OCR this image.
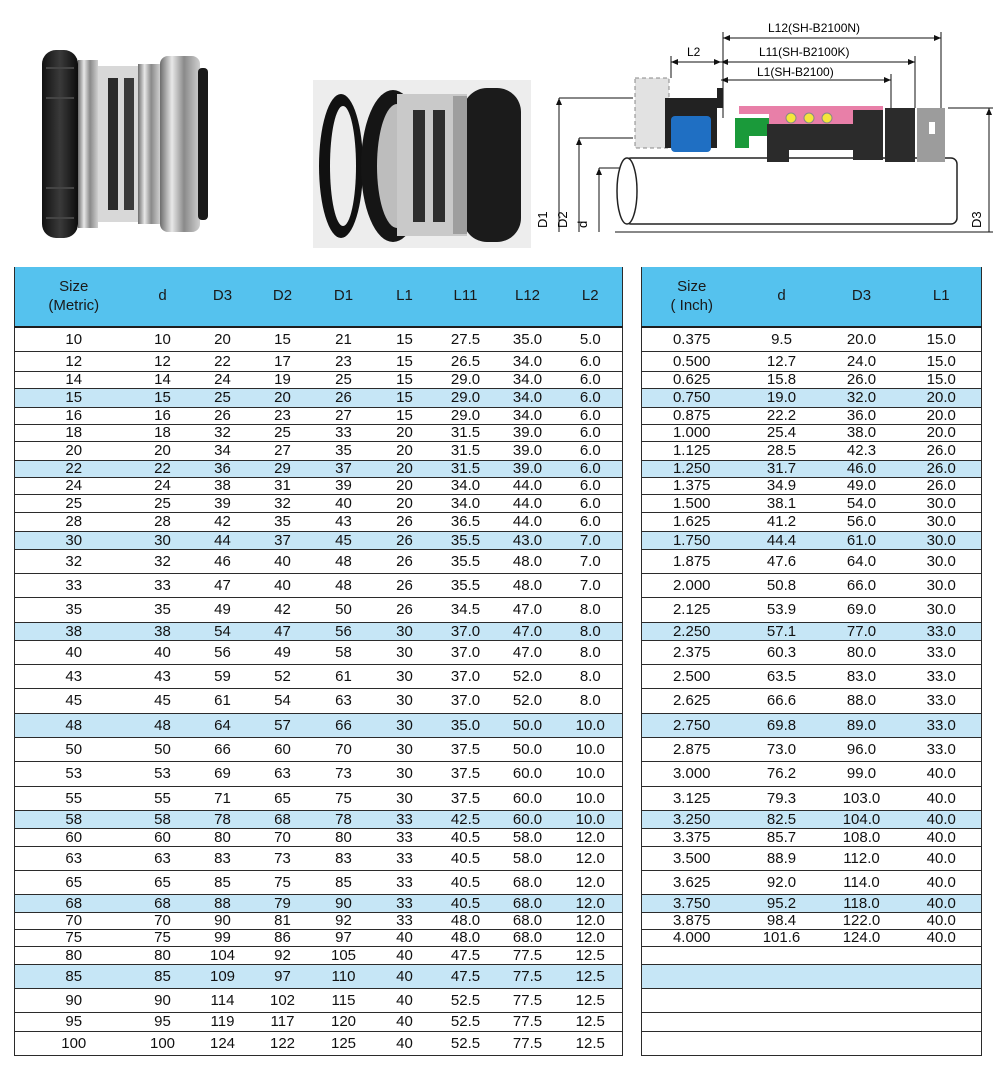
L12(SH-B2100N)
L2	L11(SH-B2100K)
L1(SH-B2100)
D1 D2 d	D3
Size
(Metric)	d	D3	D2	D1	L1	L11	L12	L2
10	10	20	15	21	15	27.5	35.0	5.0
12	12	22	17	23	15	26.5	34.0	6.0
14	14	24	19	25	15	29.0	34.0	6.0
15	15	25	20	26	15	29.0	34.0	6.0
16	16	26	23	27	15	29.0	34.0	6.0
18	18	32	25	33	20	31.5	39.0	6.0
20	20	34	27	35	20	31.5	39.0	6.0
22	22	36	29	37	20	31.5	39.0	6.0
24	24	38	31	39	20	34.0	44.0	6.0
25	25	39	32	40	20	34.0	44.0	6.0
28	28	42	35	43	26	36.5	44.0	6.0
30	30	44	37	45	26	35.5	43.0	7.0
32	32	46	40	48	26	35.5	48.0	7.0
33	33	47	40	48	26	35.5	48.0	7.0
35	35	49	42	50	26	34.5	47.0	8.0
38	38	54	47	56	30	37.0	47.0	8.0
40	40	56	49	58	30	37.0	47.0	8.0
43	43	59	52	61	30	37.0	52.0	8.0
45	45	61	54	63	30	37.0	52.0	8.0
48	48	64	57	66	30	35.0	50.0	10.0
50	50	66	60	70	30	37.5	50.0	10.0
53	53	69	63	73	30	37.5	60.0	10.0
55	55	71	65	75	30	37.5	60.0	10.0
58	58	78	68	78	33	42.5	60.0	10.0
60	60	80	70	80	33	40.5	58.0	12.0
63	63	83	73	83	33	40.5	58.0	12.0
65	65	85	75	85	33	40.5	68.0	12.0
68	68	88	79	90	33	40.5	68.0	12.0
70	70	90	81	92	33	48.0	68.0	12.0
75	75	99	86	97	40	48.0	68.0	12.0
80	80	104	92	105	40	47.5	77.5	12.5
85	85	109	97	110	40	47.5	77.5	12.5
90	90	114	102	115	40	52.5	77.5	12.5
95	95	119	117	120	40	52.5	77.5	12.5
100	100	124	122	125	40	52.5	77.5	12.5
Size
( Inch)	d	D3	L1
0.375	9.5	20.0	15.0
0.500	12.7	24.0	15.0
0.625	15.8	26.0	15.0
0.750	19.0	32.0	20.0
0.875	22.2	36.0	20.0
1.000	25.4	38.0	20.0
1.125	28.5	42.3	26.0
1.250	31.7	46.0	26.0
1.375	34.9	49.0	26.0
1.500	38.1	54.0	30.0
1.625	41.2	56.0	30.0
1.750	44.4	61.0	30.0
1.875	47.6	64.0	30.0
2.000	50.8	66.0	30.0
2.125	53.9	69.0	30.0
2.250	57.1	77.0	33.0
2.375	60.3	80.0	33.0
2.500	63.5	83.0	33.0
2.625	66.6	88.0	33.0
2.750	69.8	89.0	33.0
2.875	73.0	96.0	33.0
3.000	76.2	99.0	40.0
3.125	79.3	103.0	40.0
3.250	82.5	104.0	40.0
3.375	85.7	108.0	40.0
3.500	88.9	112.0	40.0
3.625	92.0	114.0	40.0
3.750	95.2	118.0	40.0
3.875	98.4	122.0	40.0
4.000	101.6	124.0	40.0
